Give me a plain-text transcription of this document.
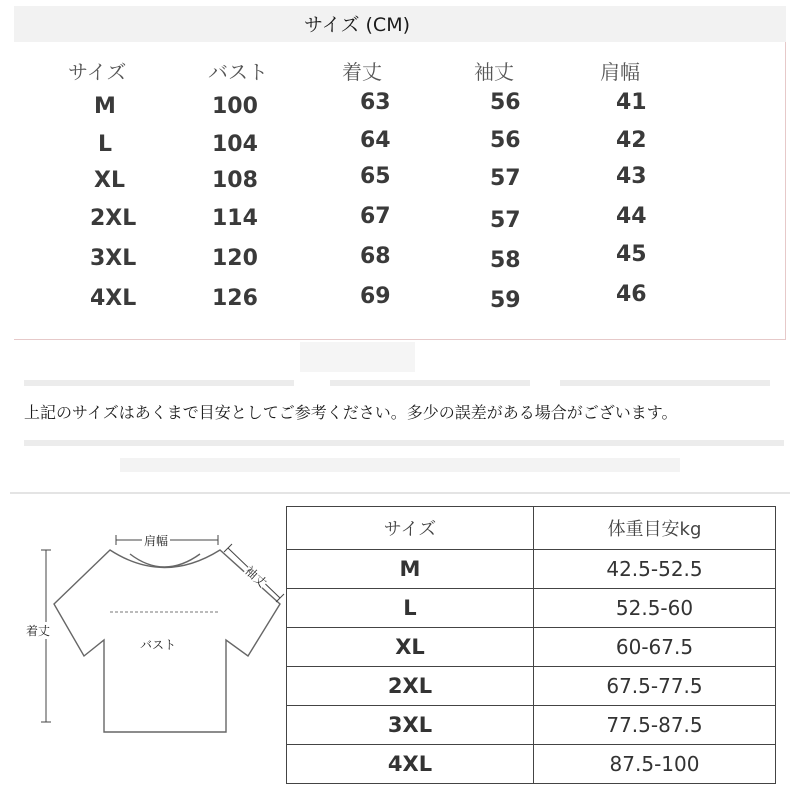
サイズ (CM)
サイズ	バスト	着丈	袖丈	肩幅
M	100	63	56	41
L	104	64	56	42
XL	108	65	57	43
2XL	114	67	57	44
3XL	120	68	58	45
4XL	126	69	59	46
上記のサイズはあくまで目安としてご参考ください。多少の誤差がある場合がございます。
肩幅
袖丈
着丈
バスト
サイズ	体重目安kg
M	42.5-52.5
L	52.5-60
XL	60-67.5
2XL	67.5-77.5
3XL	77.5-87.5
4XL	87.5-100
